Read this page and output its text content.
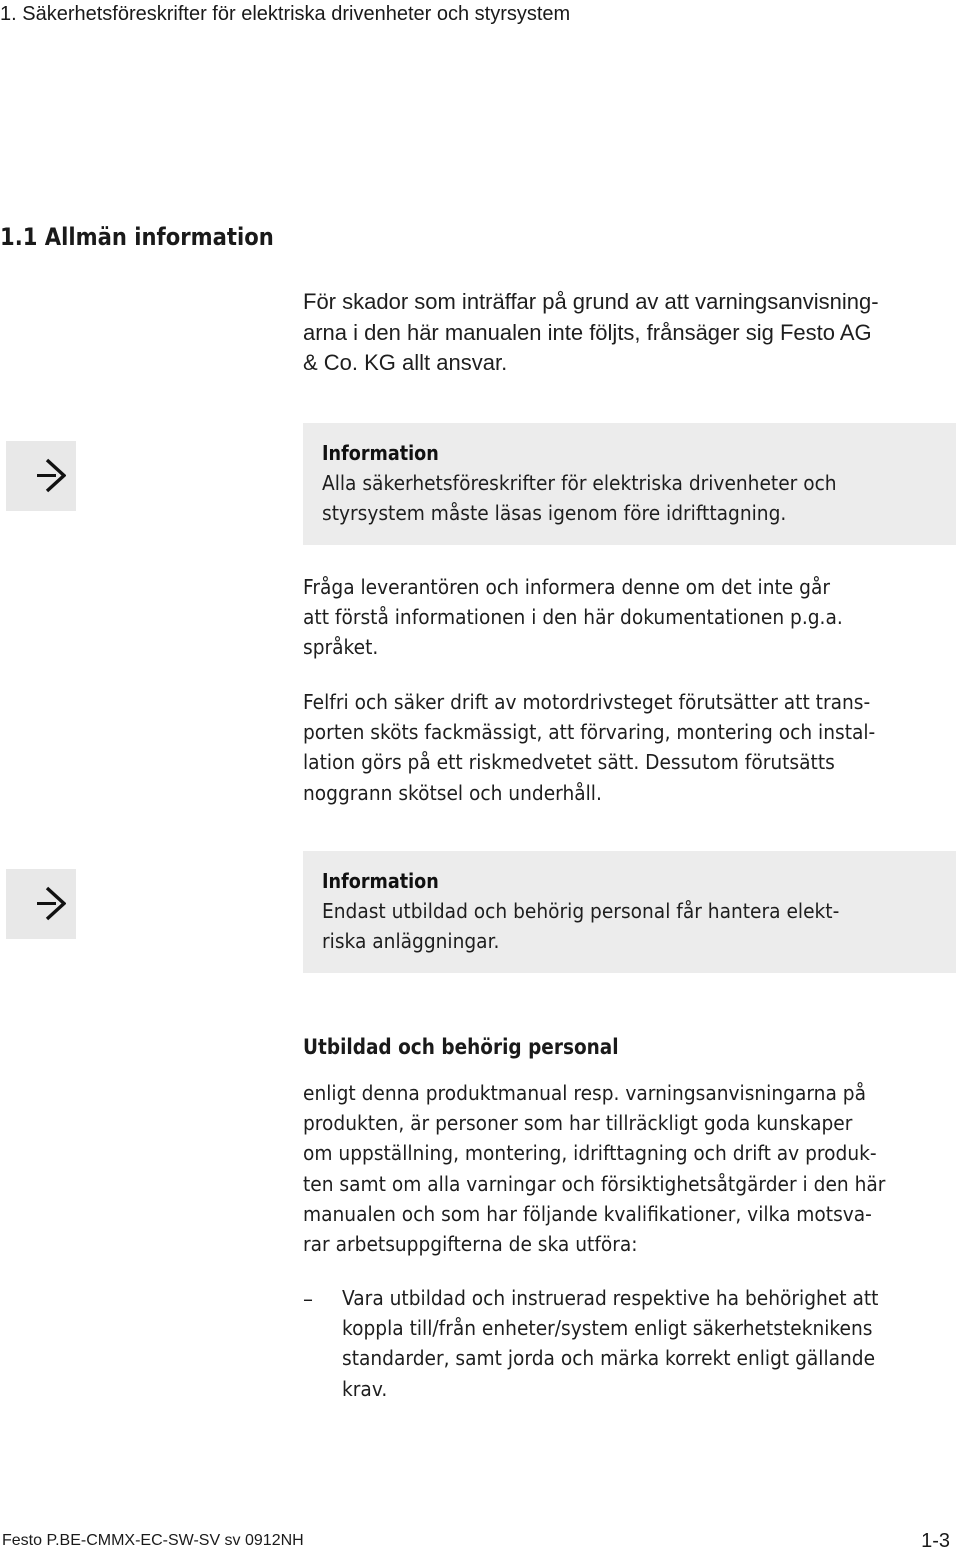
1. Säkerhetsföreskrifter för elektriska drivenheter och styrsystem
1.1 Allmän information
För skador som inträffar på grund av att varningsanvisning-
arna i den här manualen inte följts, frånsäger sig Festo AG
& Co. KG allt ansvar.
Information
Alla säkerhetsföreskrifter för elektriska drivenheter och
styrsystem måste läsas igenom före idrifttagning.
Fråga leverantören och informera denne om det inte går
att förstå informationen i den här dokumentationen p.g.a.
språket.
Felfri och säker drift av motordrivsteget förutsätter att trans-
porten sköts fackmässigt, att förvaring, montering och instal-
lation görs på ett riskmedvetet sätt. Dessutom förutsätts
noggrann skötsel och underhåll.
Information
Endast utbildad och behörig personal får hantera elekt-
riska anläggningar.
Utbildad och behörig personal
enligt denna produktmanual resp. varningsanvisningarna på
produkten, är personer som har tillräckligt goda kunskaper
om uppställning, montering, idrifttagning och drift av produk-
ten samt om alla varningar och försiktighetsåtgärder i den här
manualen och som har följande kvalifikationer, vilka motsva-
rar arbetsuppgifterna de ska utföra:
– Vara utbildad och instruerad respektive ha behörighet att
koppla till/från enheter/system enligt säkerhetsteknikens
standarder, samt jorda och märka korrekt enligt gällande
krav.
Festo P.BE-CMMX-EC-SW-SV sv 0912NH	1-3
